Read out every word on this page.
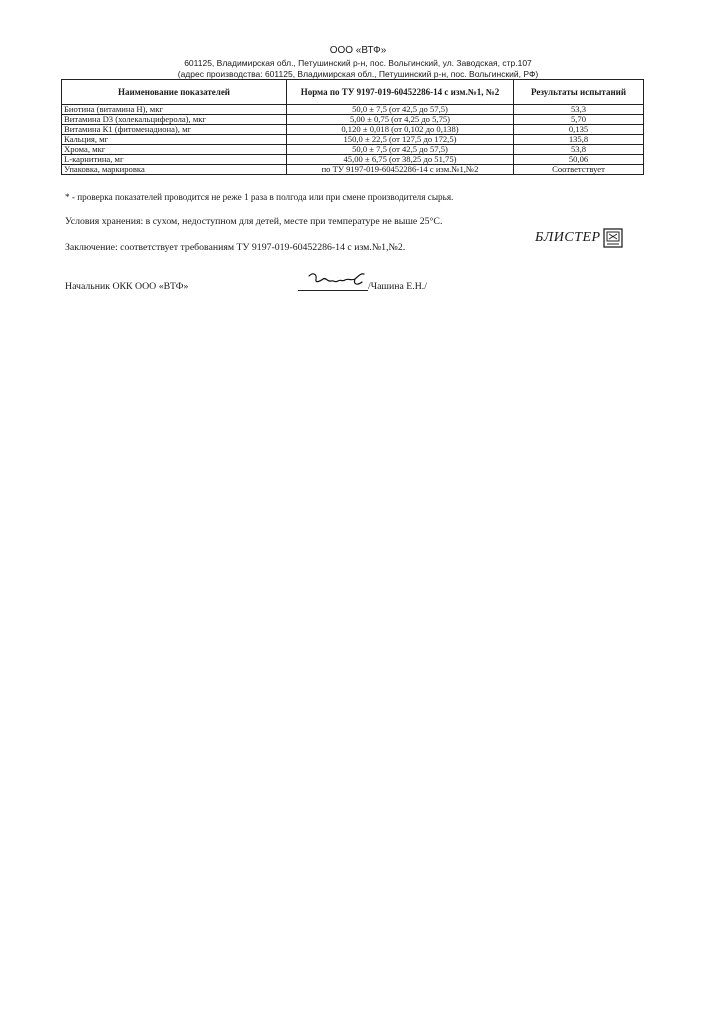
ООО «ВТФ»
601125, Владимирская обл., Петушинский р-н, пос. Вольгинский, ул. Заводская, стр.107
(адрес производства: 601125, Владимирская обл., Петушинский р-н, пос. Вольгинский, РФ)
Наименование показателей	Норма по ТУ 9197-019-60452286-14 с изм.№1, №2	Результаты испытаний
Биотина (витамина H), мкг	50,0 ± 7,5 (от 42,5 до 57,5)	53,3
Витамина D3 (холекальциферола), мкг	5,00 ± 0,75 (от 4,25 до 5,75)	5,70
Витамина К1 (фитоменадиона), мг	0,120 ± 0,018 (от 0,102 до 0,138)	0,135
Кальция, мг	150,0 ± 22,5 (от 127,5 до 172,5)	135,8
Хрома, мкг	50,0 ± 7,5 (от 42,5 до 57,5)	53,8
L-карнитина, мг	45,00 ± 6,75 (от 38,25 до 51,75)	50,06
Упаковка, маркировка	по ТУ 9197-019-60452286-14 с изм.№1,№2	Соответствует
* - проверка показателей проводится не реже 1 раза в полгода или при смене производителя сырья.
Условия хранения: в сухом, недоступном для детей, месте при температуре не выше 25°С.
Заключение: соответствует требованиям ТУ 9197-019-60452286-14 с изм.№1,№2.
БЛИСТЕР
Начальник ОКК ООО «ВТФ»	/Чашина Е.Н./
